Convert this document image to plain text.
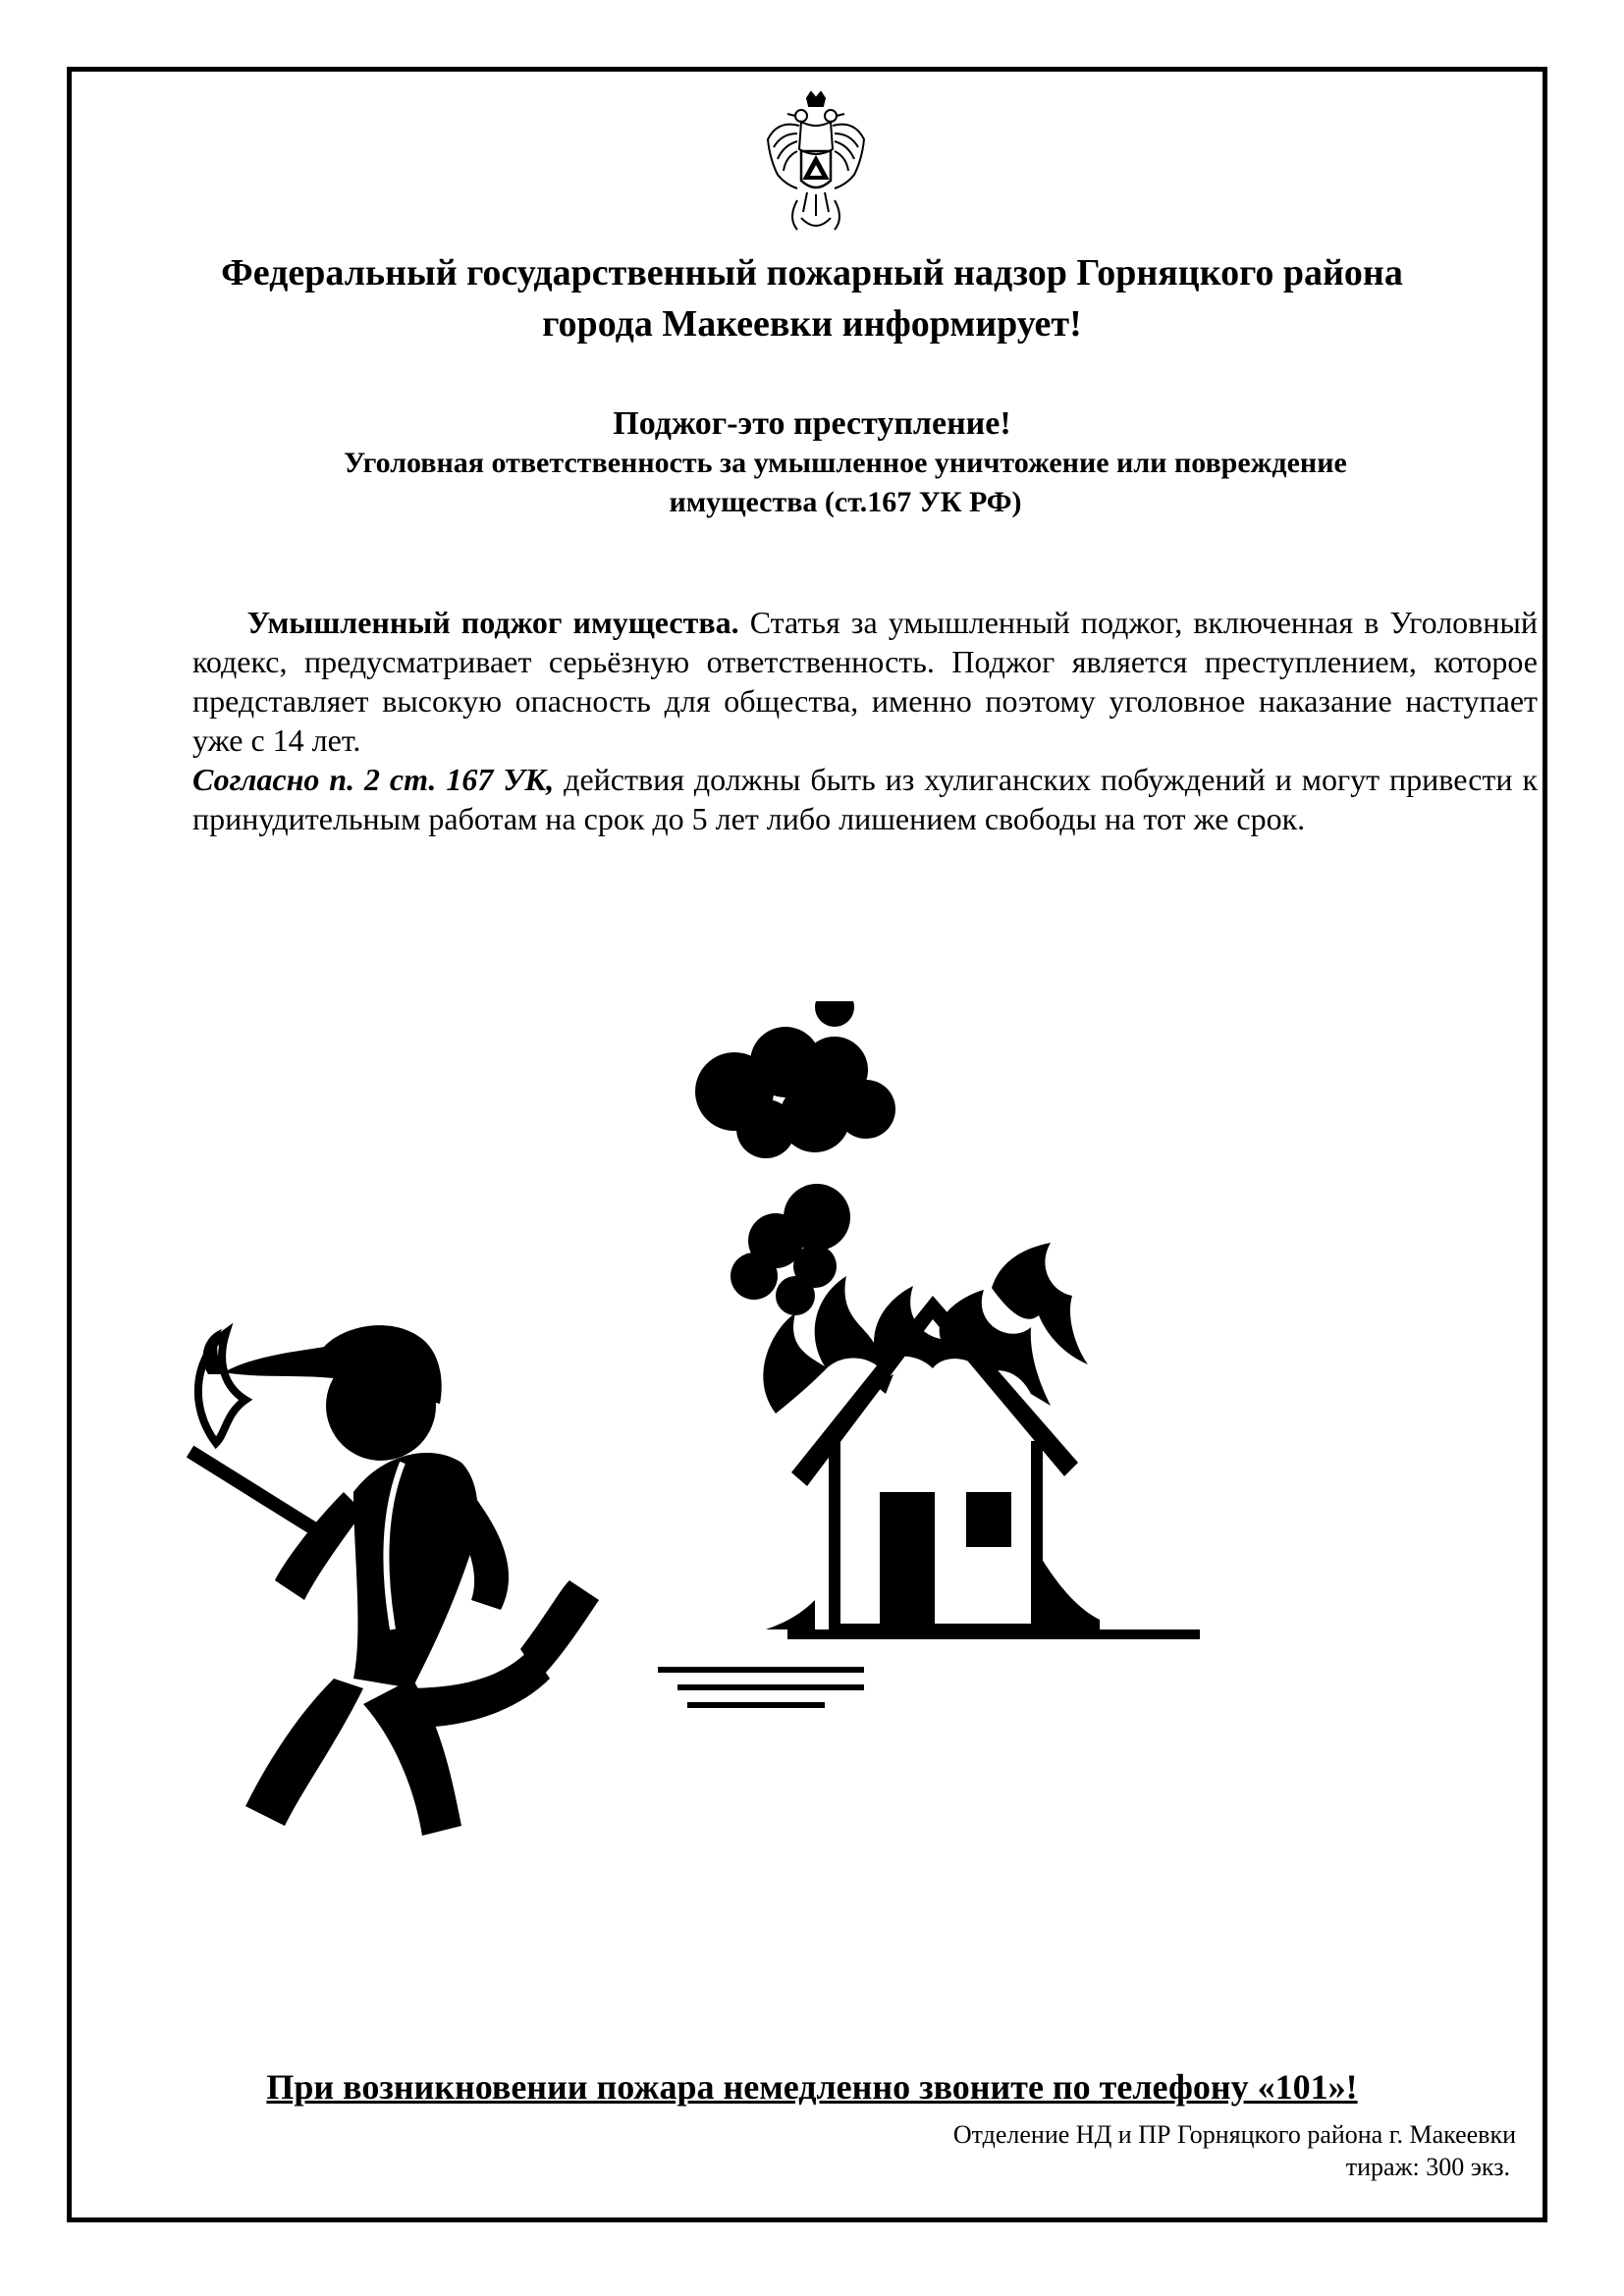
Федеральный государственный пожарный надзор Горняцкого района
города Макеевки информирует!
Поджог-это преступление!
Уголовная ответственность за умышленное уничтожение или повреждение
имущества (ст.167 УК РФ)

Умышленный поджог имущества. Статья за умышленный поджог, включенная в Уголовный кодекс, предусматривает серьёзную ответственность. Поджог является преступлением, которое представляет высокую опасность для общества, именно поэтому уголовное наказание наступает уже с 14 лет.
Согласно п. 2 ст. 167 УК, действия должны быть из хулиганских побуждений и могут привести к принудительным работам на срок до 5 лет либо лишением свободы на тот же срок.

При возникновении пожара немедленно звоните по телефону «101»!
Отделение НД и ПР Горняцкого района г. Макеевки
тираж: 300 экз.
